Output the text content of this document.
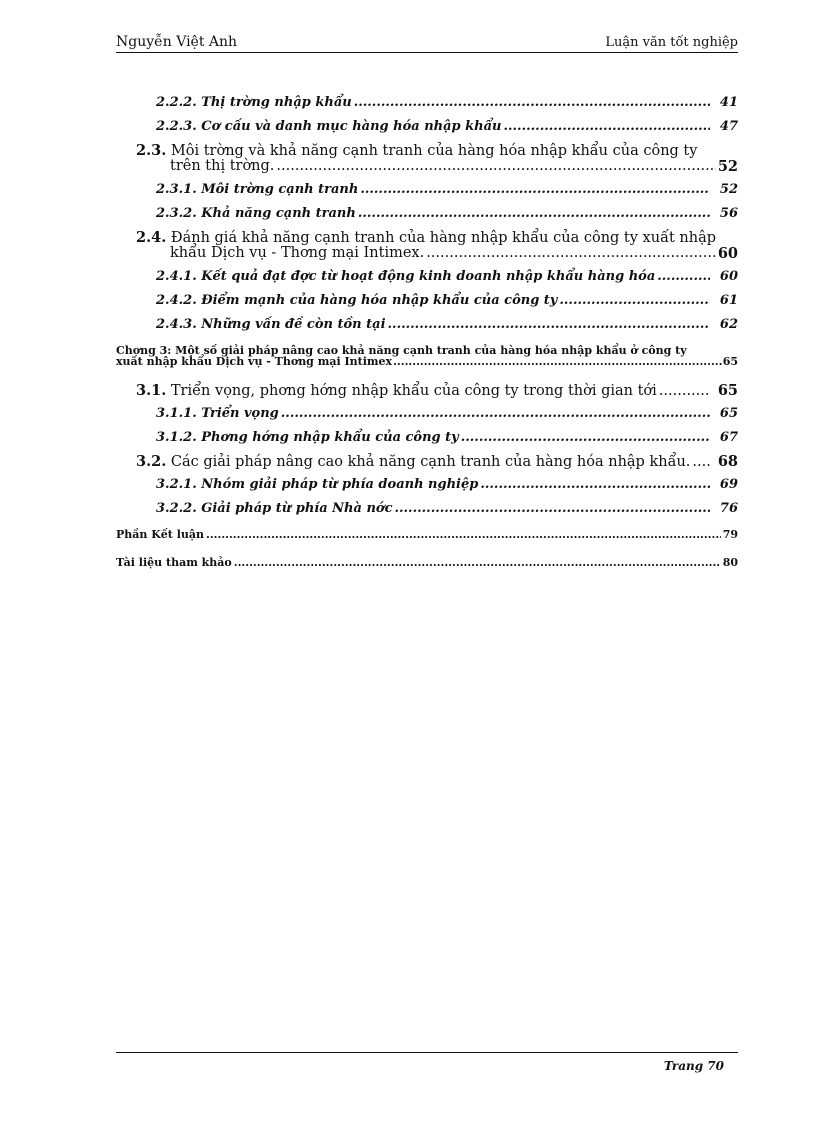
Nguyễn Việt Anh	Luận văn tốt nghiệp
2.2.2. Thị trờng nhập khẩu .....	41
2.2.3. Cơ cấu và danh mục hàng hóa nhập khẩu .....	47
2.3. Môi trờng và khả năng cạnh tranh của hàng hóa nhập khẩu của công ty
trên thị trờng. .....	52
2.3.1. Môi trờng cạnh tranh .....	52
2.3.2. Khả năng cạnh tranh .....	56
2.4. Đánh giá khả năng cạnh tranh của hàng nhập khẩu của công ty xuất nhập
khẩu Dịch vụ - Thơng mại Intimex. .....	60
2.4.1. Kết quả đạt đợc từ hoạt động kinh doanh nhập khẩu hàng hóa .....	60
2.4.2. Điểm mạnh của hàng hóa nhập khẩu của công ty .....	61
2.4.3. Những vấn đề còn tồn tại .....	62
Chơng 3: Một số giải pháp nâng cao khả năng cạnh tranh của hàng hóa nhập khẩu ở công ty
xuất nhập khẩu Dịch vụ - Thơng mại Intimex .....	65
3.1. Triển vọng, phơng hớng nhập khẩu của công ty trong thời gian tới .....	65
3.1.1. Triển vọng .....	65
3.1.2. Phơng hớng nhập khẩu của công ty .....	67
3.2. Các giải pháp nâng cao khả năng cạnh tranh của hàng hóa nhập khẩu. .....	68
3.2.1. Nhóm giải pháp từ phía doanh nghiệp .....	69
3.2.2. Giải pháp từ phía Nhà nớc .....	76
Phần Kết luận .....	79
Tài liệu tham khảo .....	80
Trang 70
